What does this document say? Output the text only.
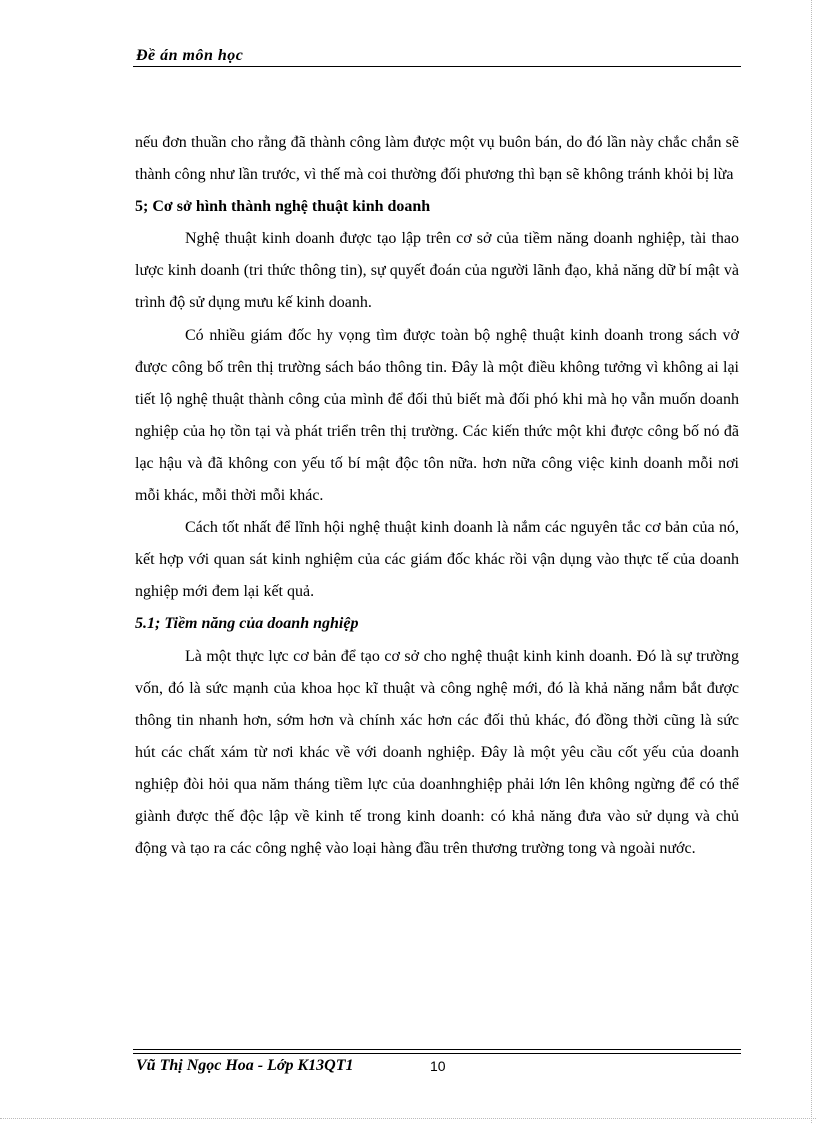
Đề án môn học

nếu đơn thuần cho rằng đã thành công làm được một vụ buôn bán, do đó lần này chắc chắn sẽ thành công như lần trước, vì thế mà coi thường đối phương thì bạn sẽ không tránh khỏi bị lừa

5; Cơ sở hình thành nghệ thuật kinh doanh

Nghệ thuật kinh doanh được tạo lập trên cơ sở của tiềm năng doanh nghiệp, tài thao lược kinh doanh (tri thức thông tin), sự quyết đoán của người lãnh đạo, khả năng dữ bí mật và trình độ sử dụng mưu kế kinh doanh.

Có nhiều giám đốc hy vọng tìm được toàn bộ nghệ thuật kinh doanh trong sách vở được công bố trên thị trường sách báo thông tin. Đây là một điều không tưởng vì không ai lại tiết lộ nghệ thuật thành công của mình để đối thủ biết mà đối phó khi mà họ vẫn muốn doanh nghiệp của họ tồn tại và phát triển trên thị trường. Các kiến thức một khi được công bố nó đã lạc hậu và đã không con yếu tố bí mật độc tôn nữa. hơn nữa công việc kinh doanh mỗi nơi mỗi khác, mỗi thời mỗi khác.

Cách tốt nhất để lĩnh hội nghệ thuật kinh doanh là nắm các nguyên tắc cơ bản của nó, kết hợp với quan sát kinh nghiệm của các giám đốc khác rồi vận dụng vào thực tế của doanh nghiệp mới đem lại kết quả.

5.1; Tiềm năng của doanh nghiệp

Là một thực lực cơ bản để tạo cơ sở cho nghệ thuật kinh kinh doanh. Đó là sự trường vốn, đó là sức mạnh của khoa học kĩ thuật và công nghệ mới, đó là khả năng nắm bắt được thông tin nhanh hơn, sớm hơn và chính xác hơn các đối thủ khác, đó đồng thời cũng là sức hút các chất xám từ nơi khác về với doanh nghiệp. Đây là một yêu cầu cốt yếu của doanh nghiệp đòi hỏi qua năm tháng tiềm lực của doanhnghiệp phải lớn lên không ngừng để có thể giành được thế độc lập về kinh tế trong kinh doanh: có khả năng đưa vào sử dụng và chủ động và tạo ra các công nghệ vào loại hàng đầu trên thương trường tong và ngoài nước.

Vũ Thị Ngọc Hoa - Lớp K13QT1	10
